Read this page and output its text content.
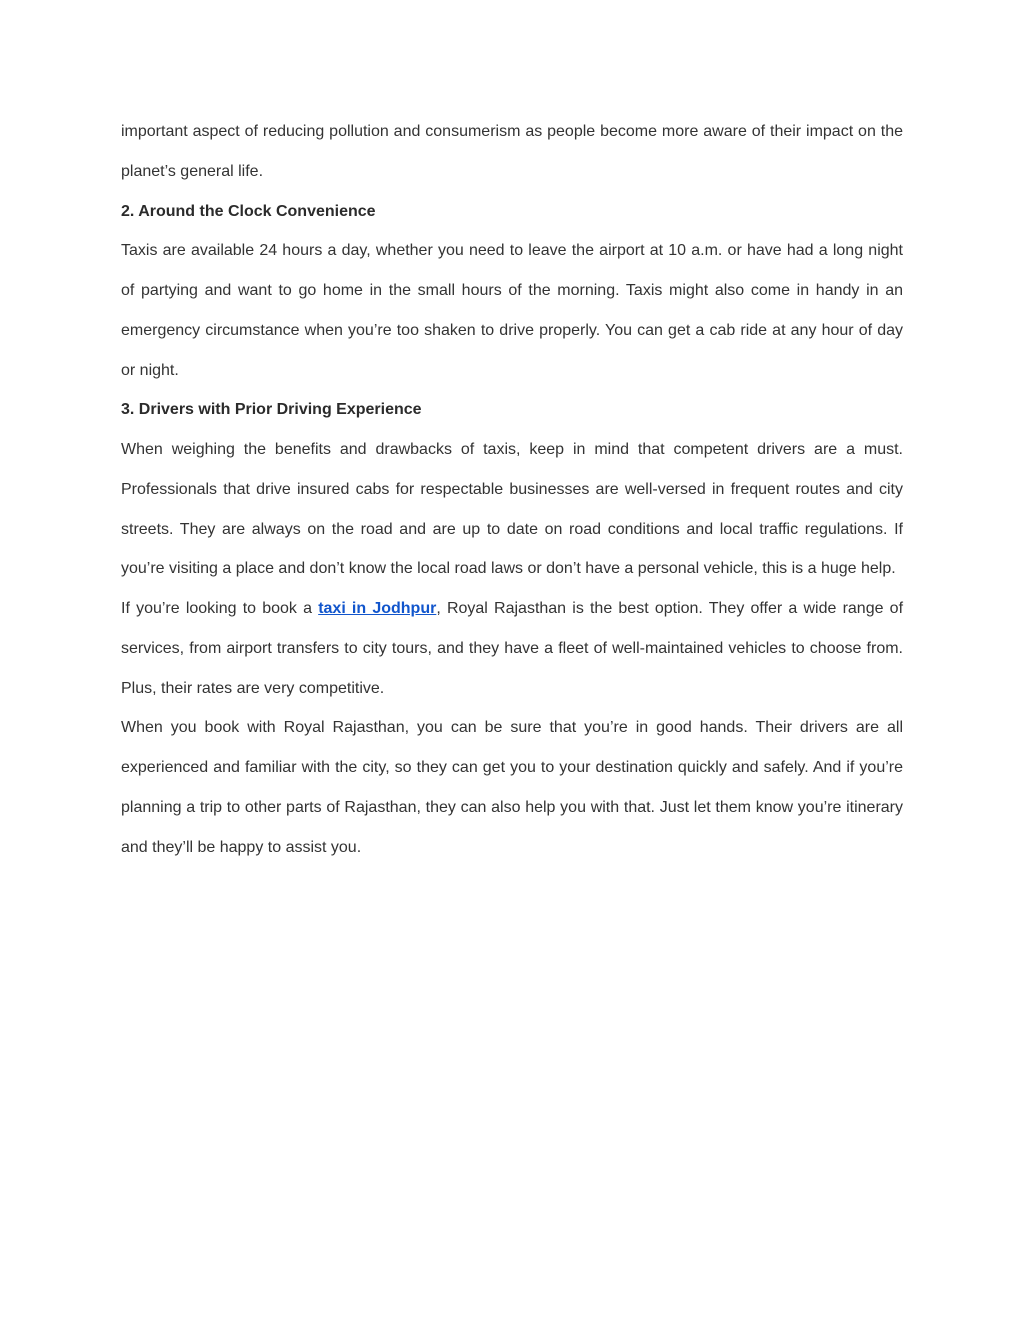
important aspect of reducing pollution and consumerism as people become more aware of their impact on the planet’s general life.

2. Around the Clock Convenience

Taxis are available 24 hours a day, whether you need to leave the airport at 10 a.m. or have had a long night of partying and want to go home in the small hours of the morning. Taxis might also come in handy in an emergency circumstance when you’re too shaken to drive properly. You can get a cab ride at any hour of day or night.

3. Drivers with Prior Driving Experience

When weighing the benefits and drawbacks of taxis, keep in mind that competent drivers are a must. Professionals that drive insured cabs for respectable businesses are well-versed in frequent routes and city streets. They are always on the road and are up to date on road conditions and local traffic regulations. If you’re visiting a place and don’t know the local road laws or don’t have a personal vehicle, this is a huge help.

If you’re looking to book a taxi in Jodhpur, Royal Rajasthan is the best option. They offer a wide range of services, from airport transfers to city tours, and they have a fleet of well-maintained vehicles to choose from. Plus, their rates are very competitive.

When you book with Royal Rajasthan, you can be sure that you’re in good hands. Their drivers are all experienced and familiar with the city, so they can get you to your destination quickly and safely. And if you’re planning a trip to other parts of Rajasthan, they can also help you with that. Just let them know you’re itinerary and they’ll be happy to assist you.
